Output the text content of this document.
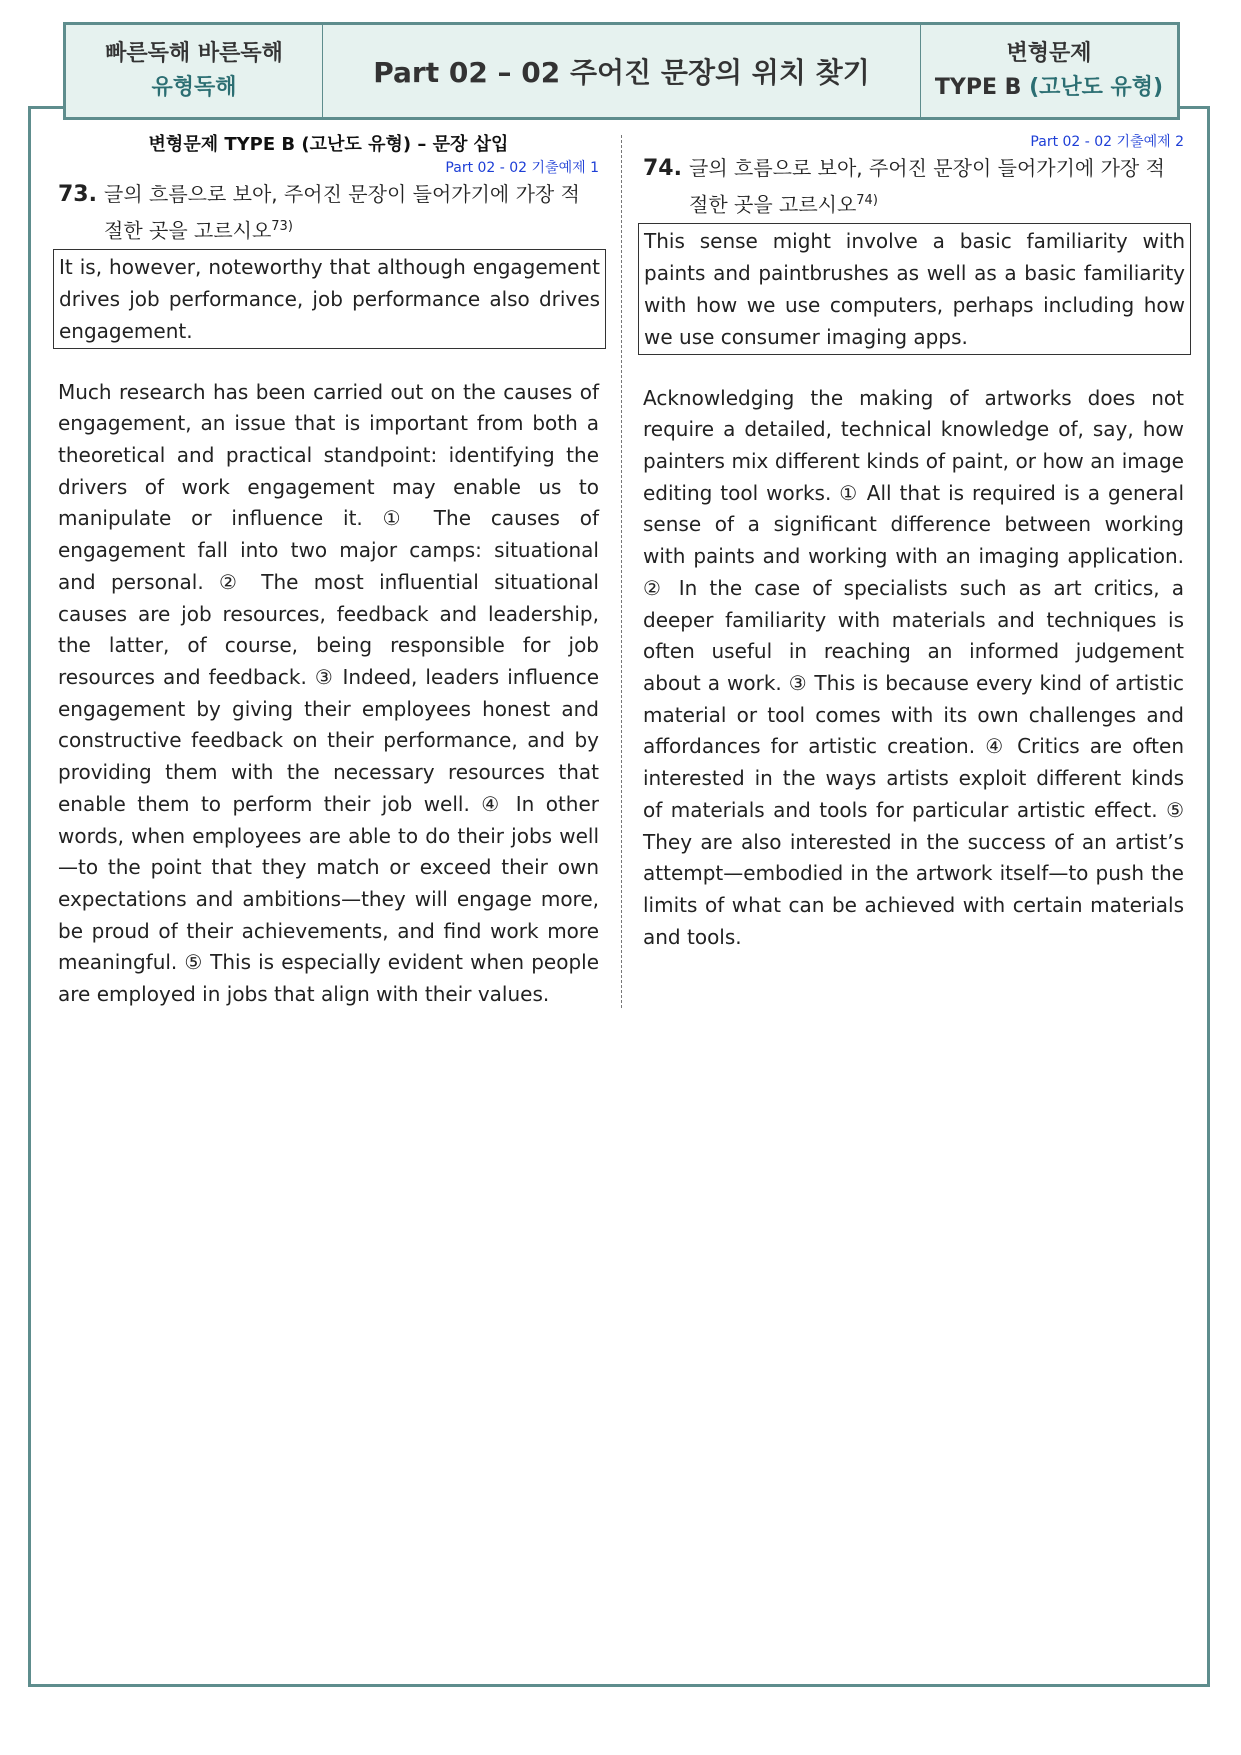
빠른독해 바른독해
유형독해	Part 02 – 02 주어진 문장의 위치 찾기
변형문제
TYPE B (고난도 유형)
변형문제 TYPE B (고난도 유형) – 문장 삽입
Part 02 - 02 기출예제 1
73. 글의 흐름으로 보아, 주어진 문장이 들어가기에 가장 적절한 곳을 고르시오$^{73)}$
It is, however, noteworthy that although engagement drives job performance, job performance also drives engagement.
Much research has been carried out on the causes of engagement, an issue that is important from both a theoretical and practical standpoint: identifying the drivers of work engagement may enable us to manipulate or influence it. ① The causes of engagement fall into two major camps: situational and personal. ② The most influential situational causes are job resources, feedback and leadership, the latter, of course, being responsible for job resources and feedback. ③ Indeed, leaders influence engagement by giving their employees honest and constructive feedback on their performance, and by providing them with the necessary resources that enable them to perform their job well. ④ In other words, when employees are able to do their jobs well—to the point that they match or exceed their own expectations and ambitions—they will engage more, be proud of their achievements, and find work more meaningful. ⑤ This is especially evident when people are employed in jobs that align with their values.
Part 02 - 02 기출예제 2
74. 글의 흐름으로 보아, 주어진 문장이 들어가기에 가장 적절한 곳을 고르시오$^{74)}$
This sense might involve a basic familiarity with paints and paintbrushes as well as a basic familiarity with how we use computers, perhaps including how we use consumer imaging apps.
Acknowledging the making of artworks does not require a detailed, technical knowledge of, say, how painters mix different kinds of paint, or how an image editing tool works. ① All that is required is a general sense of a significant difference between working with paints and working with an imaging application. ② In the case of specialists such as art critics, a deeper familiarity with materials and techniques is often useful in reaching an informed judgement about a work. ③ This is because every kind of artistic material or tool comes with its own challenges and affordances for artistic creation. ④ Critics are often interested in the ways artists exploit different kinds of materials and tools for particular artistic effect. ⑤ They are also interested in the success of an artist’s attempt—embodied in the artwork itself—to push the limits of what can be achieved with certain materials and tools.
